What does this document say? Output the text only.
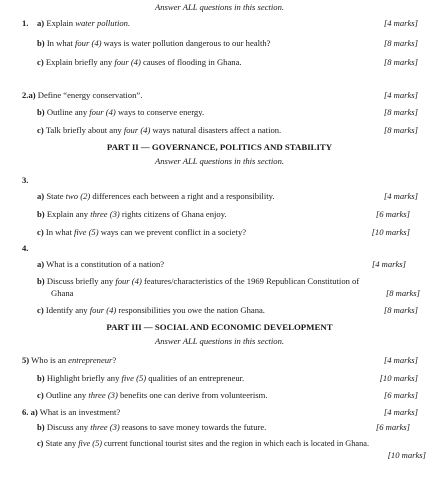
Answer ALL questions in this section.
1. a) Explain water pollution.	[4 marks]
b) In what four (4) ways is water pollution dangerous to our health?	[8 marks]
c) Explain briefly any four (4) causes of flooding in Ghana.	[8 marks]
2.a) Define “energy conservation”.	[4 marks]
b) Outline any four (4) ways to conserve energy.	[8 marks]
c) Talk briefly about any four (4) ways natural disasters affect a nation.	[8 marks]
PART II — GOVERNANCE, POLITICS AND STABILITY
Answer ALL questions in this section.
3.
a) State two (2) differences each between a right and a responsibility.	[4 marks]
b) Explain any three (3) rights citizens of Ghana enjoy.	[6 marks]
c) In what five (5) ways can we prevent conflict in a society?	[10 marks]
4.
a) What is a constitution of a nation?	[4 marks]
b) Discuss briefly any four (4) features/characteristics of the 1969 Republican Constitution of
Ghana	[8 marks]
c) Identify any four (4) responsibilities you owe the nation Ghana.	[8 marks]
PART III — SOCIAL AND ECONOMIC DEVELOPMENT
Answer ALL questions in this section.
5) Who is an entrepreneur?	[4 marks]
b) Highlight briefly any five (5) qualities of an entrepreneur.	[10 marks]
c) Outline any three (3) benefits one can derive from volunteerism.	[6 marks]
6. a) What is an investment?	[4 marks]
b) Discuss any three (3) reasons to save money towards the future.	[6 marks]
c) State any five (5) current functional tourist sites and the region in which each is located in Ghana.
[10 marks]
